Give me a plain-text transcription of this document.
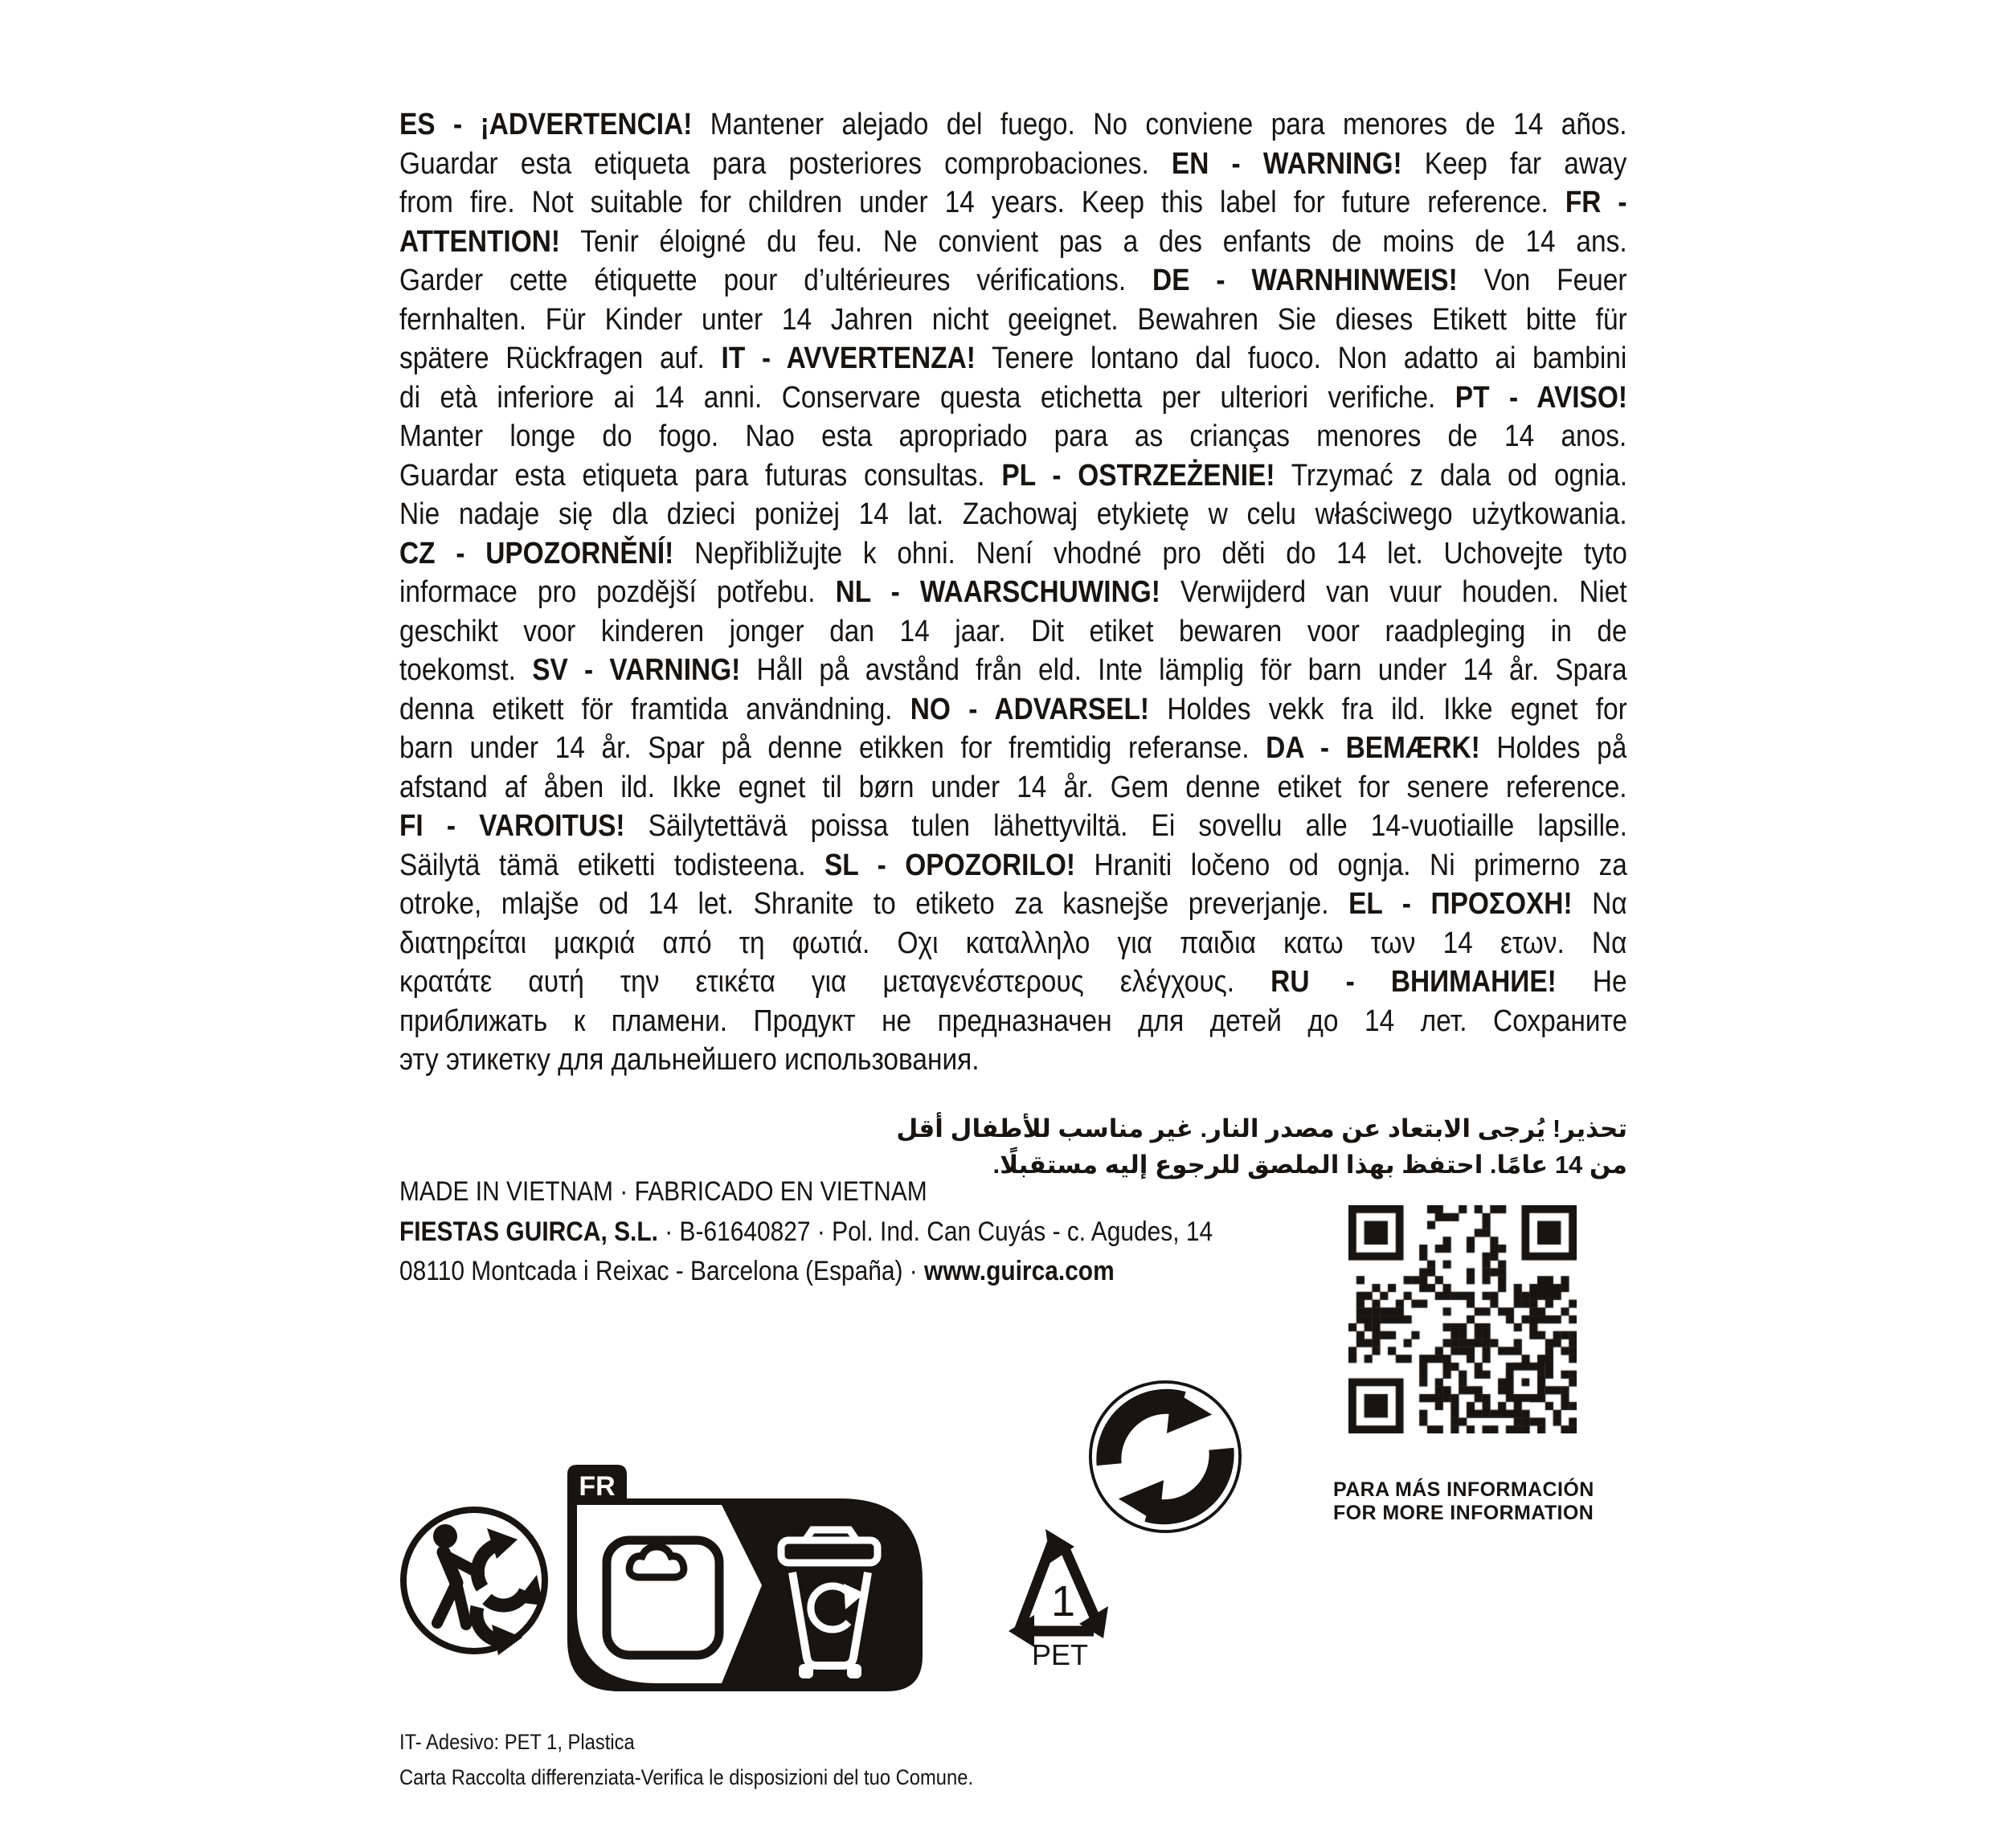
ES - ¡ADVERTENCIA! Mantener alejado del fuego. No conviene para menores de 14 años.
Guardar esta etiqueta para posteriores comprobaciones. EN - WARNING! Keep far away
from fire. Not suitable for children under 14 years. Keep this label for future reference. FR -
ATTENTION! Tenir éloigné du feu. Ne convient pas a des enfants de moins de 14 ans.
Garder cette étiquette pour d’ultérieures vérifications. DE - WARNHINWEIS! Von Feuer
fernhalten. Für Kinder unter 14 Jahren nicht geeignet. Bewahren Sie dieses Etikett bitte für
spätere Rückfragen auf. IT - AVVERTENZA! Tenere lontano dal fuoco. Non adatto ai bambini
di età inferiore ai 14 anni. Conservare questa etichetta per ulteriori verifiche. PT - AVISO!
Manter longe do fogo. Nao esta apropriado para as crianças menores de 14 anos.
Guardar esta etiqueta para futuras consultas. PL - OSTRZEŻENIE! Trzymać z dala od ognia.
Nie nadaje się dla dzieci poniżej 14 lat. Zachowaj etykietę w celu właściwego użytkowania.
CZ - UPOZORNĚNÍ! Nepřibližujte k ohni. Není vhodné pro děti do 14 let. Uchovejte tyto
informace pro pozdější potřebu. NL - WAARSCHUWING! Verwijderd van vuur houden. Niet
geschikt voor kinderen jonger dan 14 jaar. Dit etiket bewaren voor raadpleging in de
toekomst. SV - VARNING! Håll på avstånd från eld. Inte lämplig för barn under 14 år. Spara
denna etikett för framtida användning. NO - ADVARSEL! Holdes vekk fra ild. Ikke egnet for
barn under 14 år. Spar på denne etikken for fremtidig referanse. DA - BEMÆRK! Holdes på
afstand af åben ild. Ikke egnet til børn under 14 år. Gem denne etiket for senere reference.
FI - VAROITUS! Säilytettävä poissa tulen lähettyviltä. Ei sovellu alle 14-vuotiaille lapsille.
Säilytä tämä etiketti todisteena. SL - OPOZORILO! Hraniti ločeno od ognja. Ni primerno za
otroke, mlajše od 14 let. Shranite to etiketo za kasnejše preverjanje. EL - ΠΡΟΣΟΧΗ! Να
διατηρείται μακριά από τη φωτιά. Οχι καταλληλο για παιδια κατω των 14 ετων. Να
κρατάτε αυτή την ετικέτα για μεταγενέστερους ελέγχους. RU - ВНИМАНИЕ! Не
приближать к пламени. Продукт не предназначен для детей до 14 лет. Сохраните
эту этикетку для дальнейшего использования.
تحذير! يُرجى الابتعاد عن مصدر النار. غير مناسب للأطفال أقل
من 14 عامًا. احتفظ بهذا الملصق للرجوع إليه مستقبلًا.
MADE IN VIETNAM · FABRICADO EN VIETNAM
FIESTAS GUIRCA, S.L. · B-61640827 · Pol. Ind. Can Cuyás - c. Agudes, 14
08110 Montcada i Reixac - Barcelona (España) · www.guirca.com
PARA MÁS INFORMACIÓN
FOR MORE INFORMATION
FR
1
PET
IT- Adesivo: PET 1, Plastica
Carta Raccolta differenziata-Verifica le disposizioni del tuo Comune.
